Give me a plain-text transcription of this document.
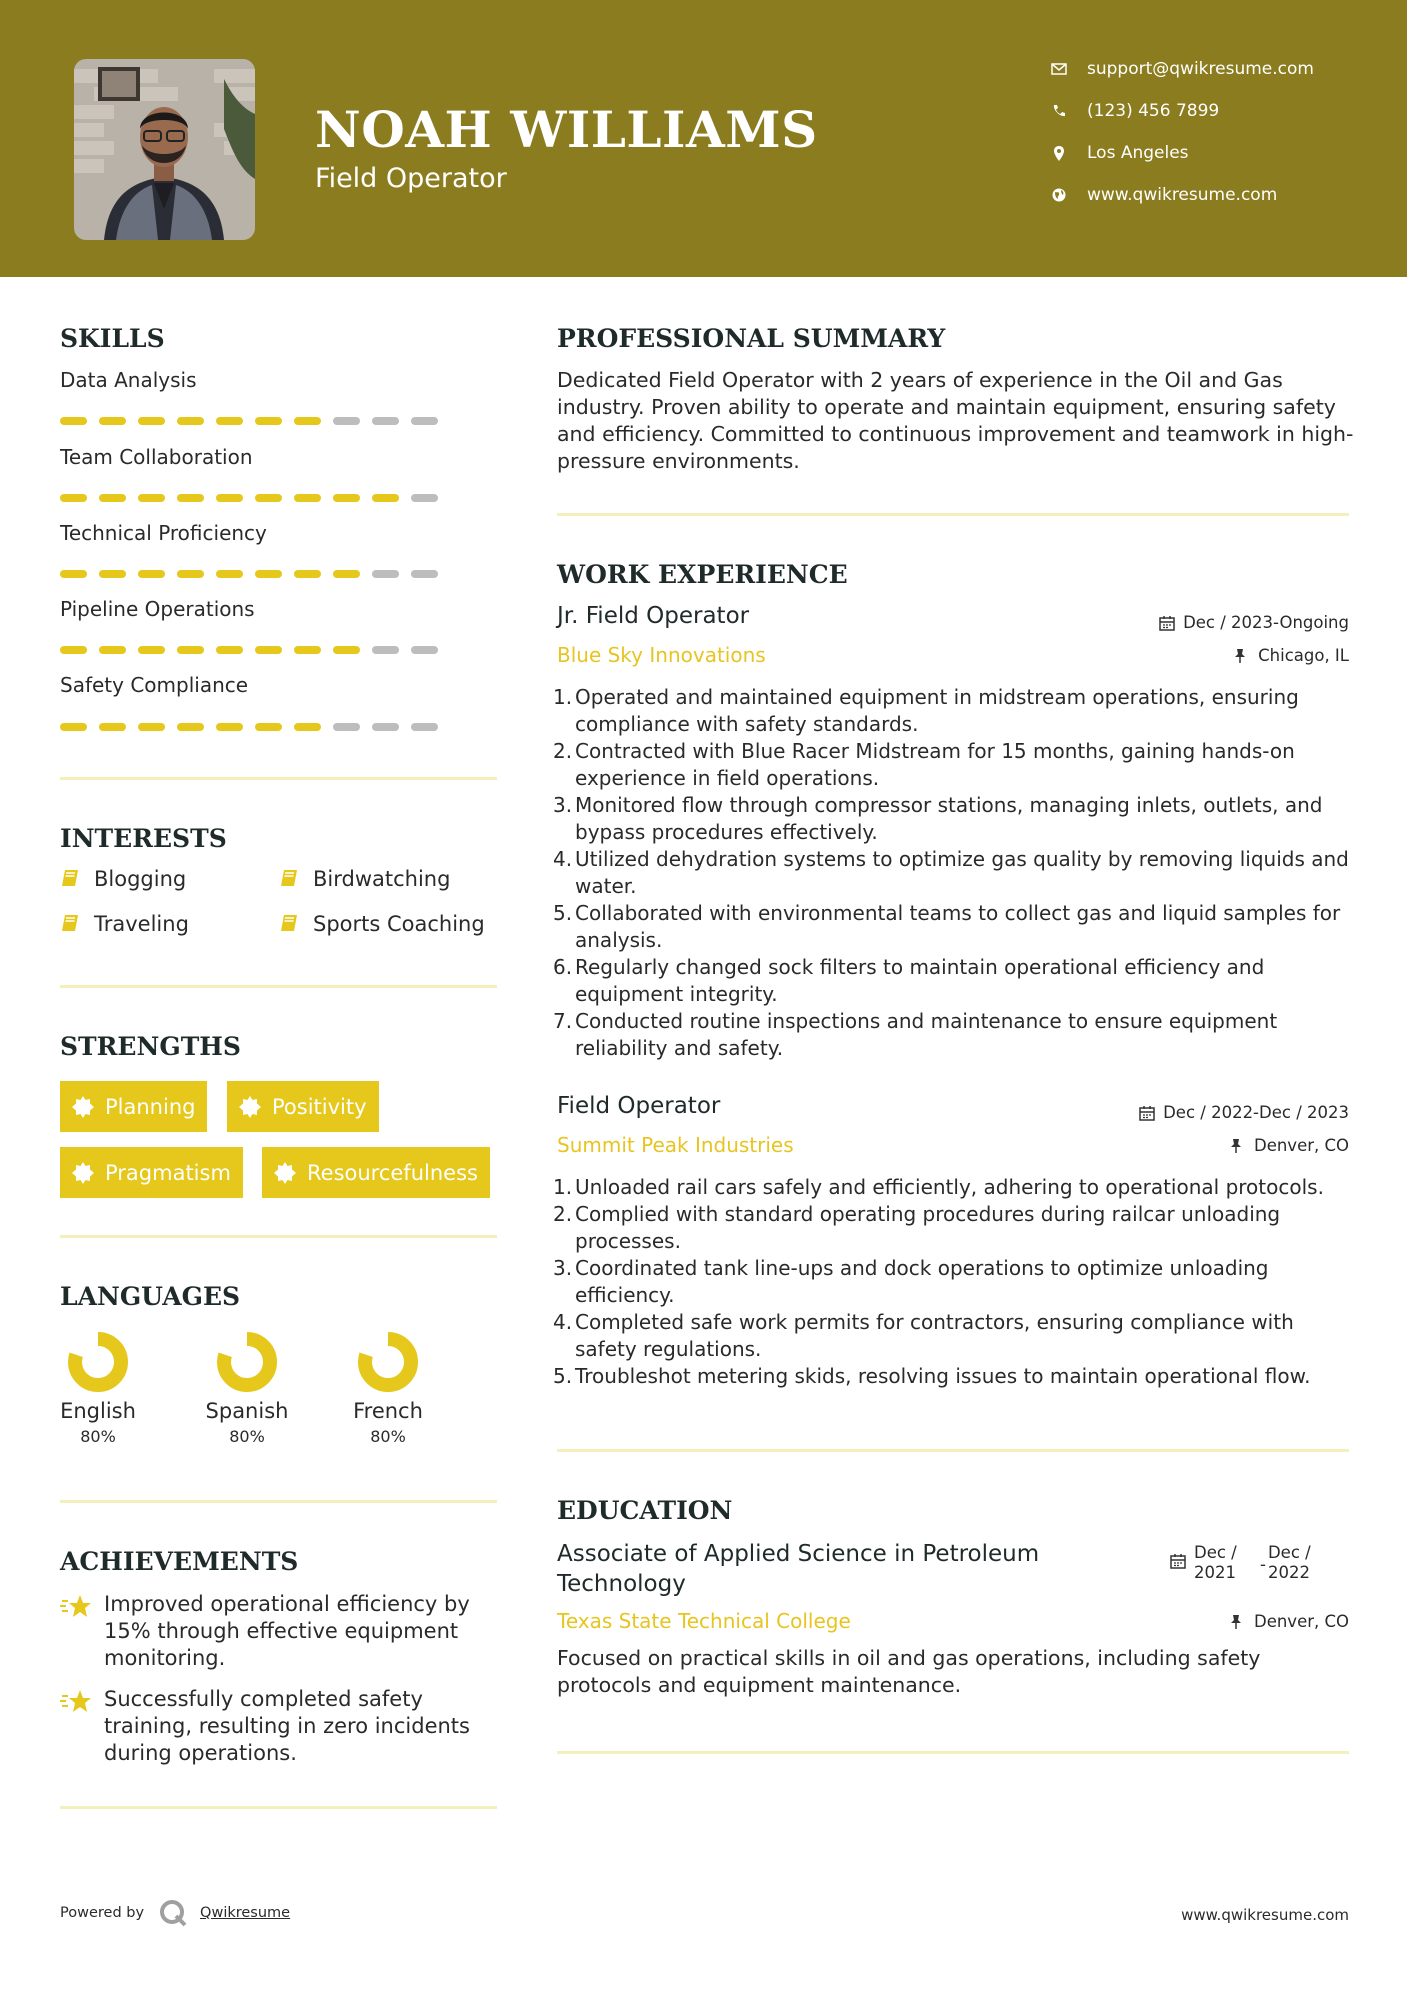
NOAH WILLIAMS
Field Operator
support@qwikresume.com
(123) 456 7899
Los Angeles
www.qwikresume.com
SKILLS
Data Analysis
Team Collaboration
Technical Proficiency
Pipeline Operations
Safety Compliance
INTERESTS
Blogging	Birdwatching
Traveling	Sports Coaching
STRENGTHS
Planning	Positivity
Pragmatism	Resourcefulness
LANGUAGES
English
80%
Spanish
80%
French
80%
ACHIEVEMENTS
Improved operational efficiency by 15% through effective equipment monitoring.
Successfully completed safety training, resulting in zero incidents during operations.
PROFESSIONAL SUMMARY
Dedicated Field Operator with 2 years of experience in the Oil and Gas industry. Proven ability to operate and maintain equipment, ensuring safety and efficiency. Committed to continuous improvement and teamwork in high-pressure environments.
WORK EXPERIENCE
Jr. Field Operator	Dec / 2023-Ongoing
Blue Sky Innovations	Chicago, IL
1. Operated and maintained equipment in midstream operations, ensuring compliance with safety standards.
2. Contracted with Blue Racer Midstream for 15 months, gaining hands-on experience in field operations.
3. Monitored flow through compressor stations, managing inlets, outlets, and bypass procedures effectively.
4. Utilized dehydration systems to optimize gas quality by removing liquids and water.
5. Collaborated with environmental teams to collect gas and liquid samples for analysis.
6. Regularly changed sock filters to maintain operational efficiency and equipment integrity.
7. Conducted routine inspections and maintenance to ensure equipment reliability and safety.
Field Operator	Dec / 2022-Dec / 2023
Summit Peak Industries	Denver, CO
1. Unloaded rail cars safely and efficiently, adhering to operational protocols.
2. Complied with standard operating procedures during railcar unloading processes.
3. Coordinated tank line-ups and dock operations to optimize unloading efficiency.
4. Completed safe work permits for contractors, ensuring compliance with safety regulations.
5. Troubleshot metering skids, resolving issues to maintain operational flow.
EDUCATION
Associate of Applied Science in Petroleum
Technology
Dec / 2021	-
Dec / 2022
Texas State Technical College	Denver, CO
Focused on practical skills in oil and gas operations, including safety protocols and equipment maintenance.
Powered by	Qwikresume	www.qwikresume.com
